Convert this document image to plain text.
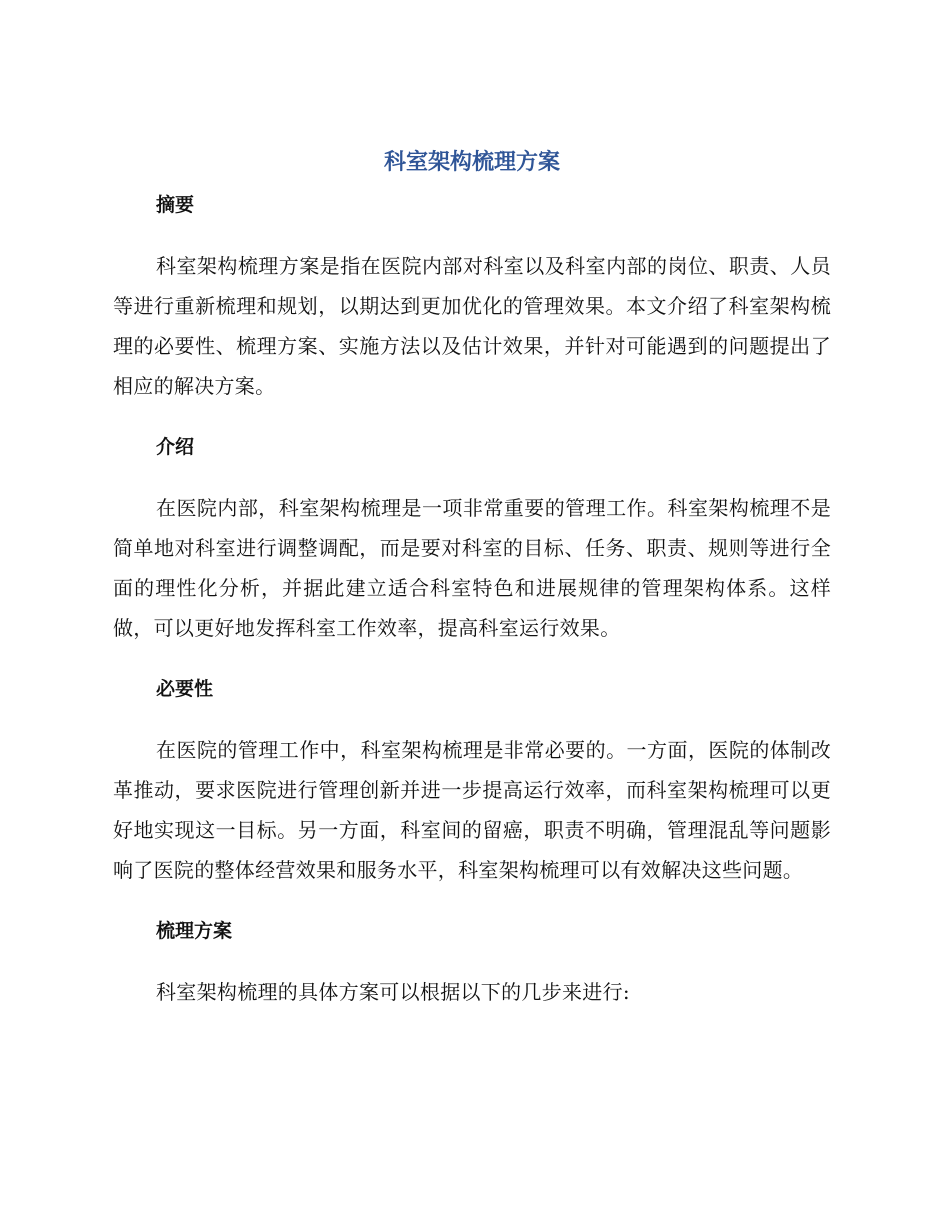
科室架构梳理方案
摘要

科室架构梳理方案是指在医院内部对科室以及科室内部的岗位、职责、人员等进行重新梳理和规划，以期达到更加优化的管理效果。本文介绍了科室架构梳理的必要性、梳理方案、实施方法以及估计效果，并针对可能遇到的问题提出了相应的解决方案。

介绍

在医院内部，科室架构梳理是一项非常重要的管理工作。科室架构梳理不是简单地对科室进行调整调配，而是要对科室的目标、任务、职责、规则等进行全面的理性化分析，并据此建立适合科室特色和进展规律的管理架构体系。这样做，可以更好地发挥科室工作效率，提高科室运行效果。

必要性

在医院的管理工作中，科室架构梳理是非常必要的。一方面，医院的体制改革推动，要求医院进行管理创新并进一步提高运行效率，而科室架构梳理可以更好地实现这一目标。另一方面，科室间的留癌，职责不明确，管理混乱等问题影响了医院的整体经营效果和服务水平，科室架构梳理可以有效解决这些问题。

梳理方案

科室架构梳理的具体方案可以根据以下的几步来进行:
